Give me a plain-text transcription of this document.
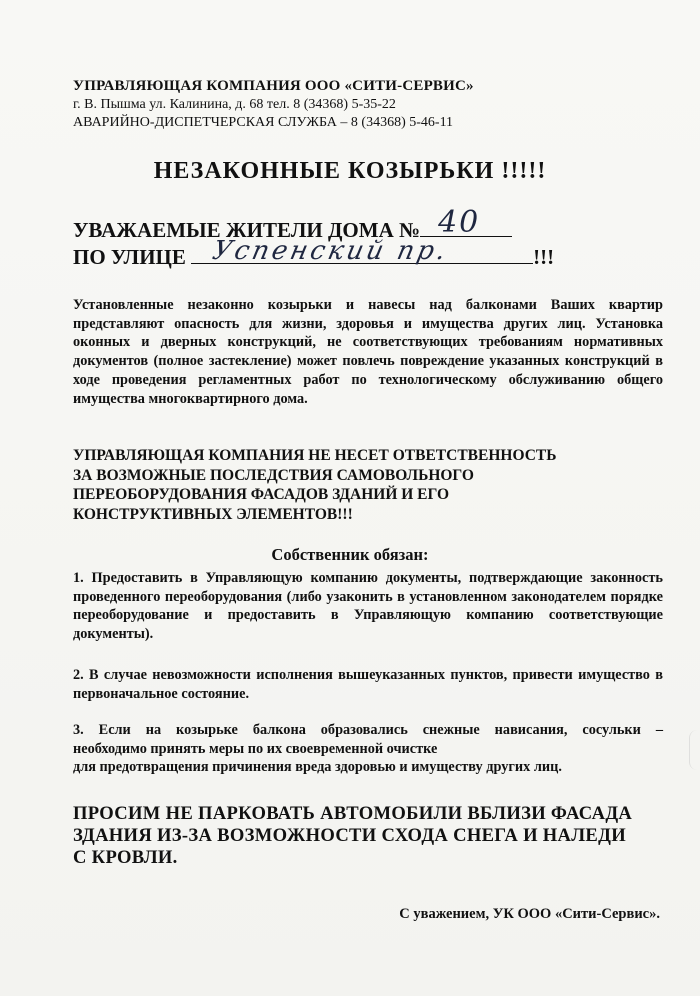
УПРАВЛЯЮЩАЯ КОМПАНИЯ ООО «СИТИ-СЕРВИС»
г. В. Пышма ул. Калинина, д. 68 тел. 8 (34368) 5-35-22
АВАРИЙНО-ДИСПЕТЧЕРСКАЯ СЛУЖБА – 8 (34368) 5-46-11
НЕЗАКОННЫЕ КОЗЫРЬКИ !!!!!
УВАЖАЕМЫЕ ЖИТЕЛИ ДОМА № 40
ПО УЛИЦЕ Успенский пр.	!!!
Установленные незаконно козырьки и навесы над балконами Ваших квартир представляют опасность для жизни, здоровья и имущества других лиц. Установка оконных и дверных конструкций, не соответствующих требованиям нормативных документов (полное застекление) может повлечь повреждение указанных конструкций в ходе проведения регламентных работ по технологическому обслуживанию общего имущества многоквартирного дома.
УПРАВЛЯЮЩАЯ КОМПАНИЯ НЕ НЕСЕТ ОТВЕТСТВЕННОСТЬ
ЗА ВОЗМОЖНЫЕ ПОСЛЕДСТВИЯ САМОВОЛЬНОГО
ПЕРЕОБОРУДОВАНИЯ ФАСАДОВ ЗДАНИЙ И ЕГО
КОНСТРУКТИВНЫХ ЭЛЕМЕНТОВ!!!
Собственник обязан:
1. Предоставить в Управляющую компанию документы, подтверждающие законность проведенного переоборудования (либо узаконить в установленном законодателем порядке переоборудование и предоставить в Управляющую компанию соответствующие документы).
2. В случае невозможности исполнения вышеуказанных пунктов, привести имущество в первоначальное состояние.
3. Если на козырьке балкона образовались снежные нависания, сосульки –
необходимо принять меры по их своевременной очистке
для предотвращения причинения вреда здоровью и имуществу других лиц.
ПРОСИМ НЕ ПАРКОВАТЬ АВТОМОБИЛИ ВБЛИЗИ ФАСАДА
ЗДАНИЯ ИЗ-ЗА ВОЗМОЖНОСТИ СХОДА СНЕГА И НАЛЕДИ
С КРОВЛИ.
С уважением, УК ООО «Сити-Сервис».
